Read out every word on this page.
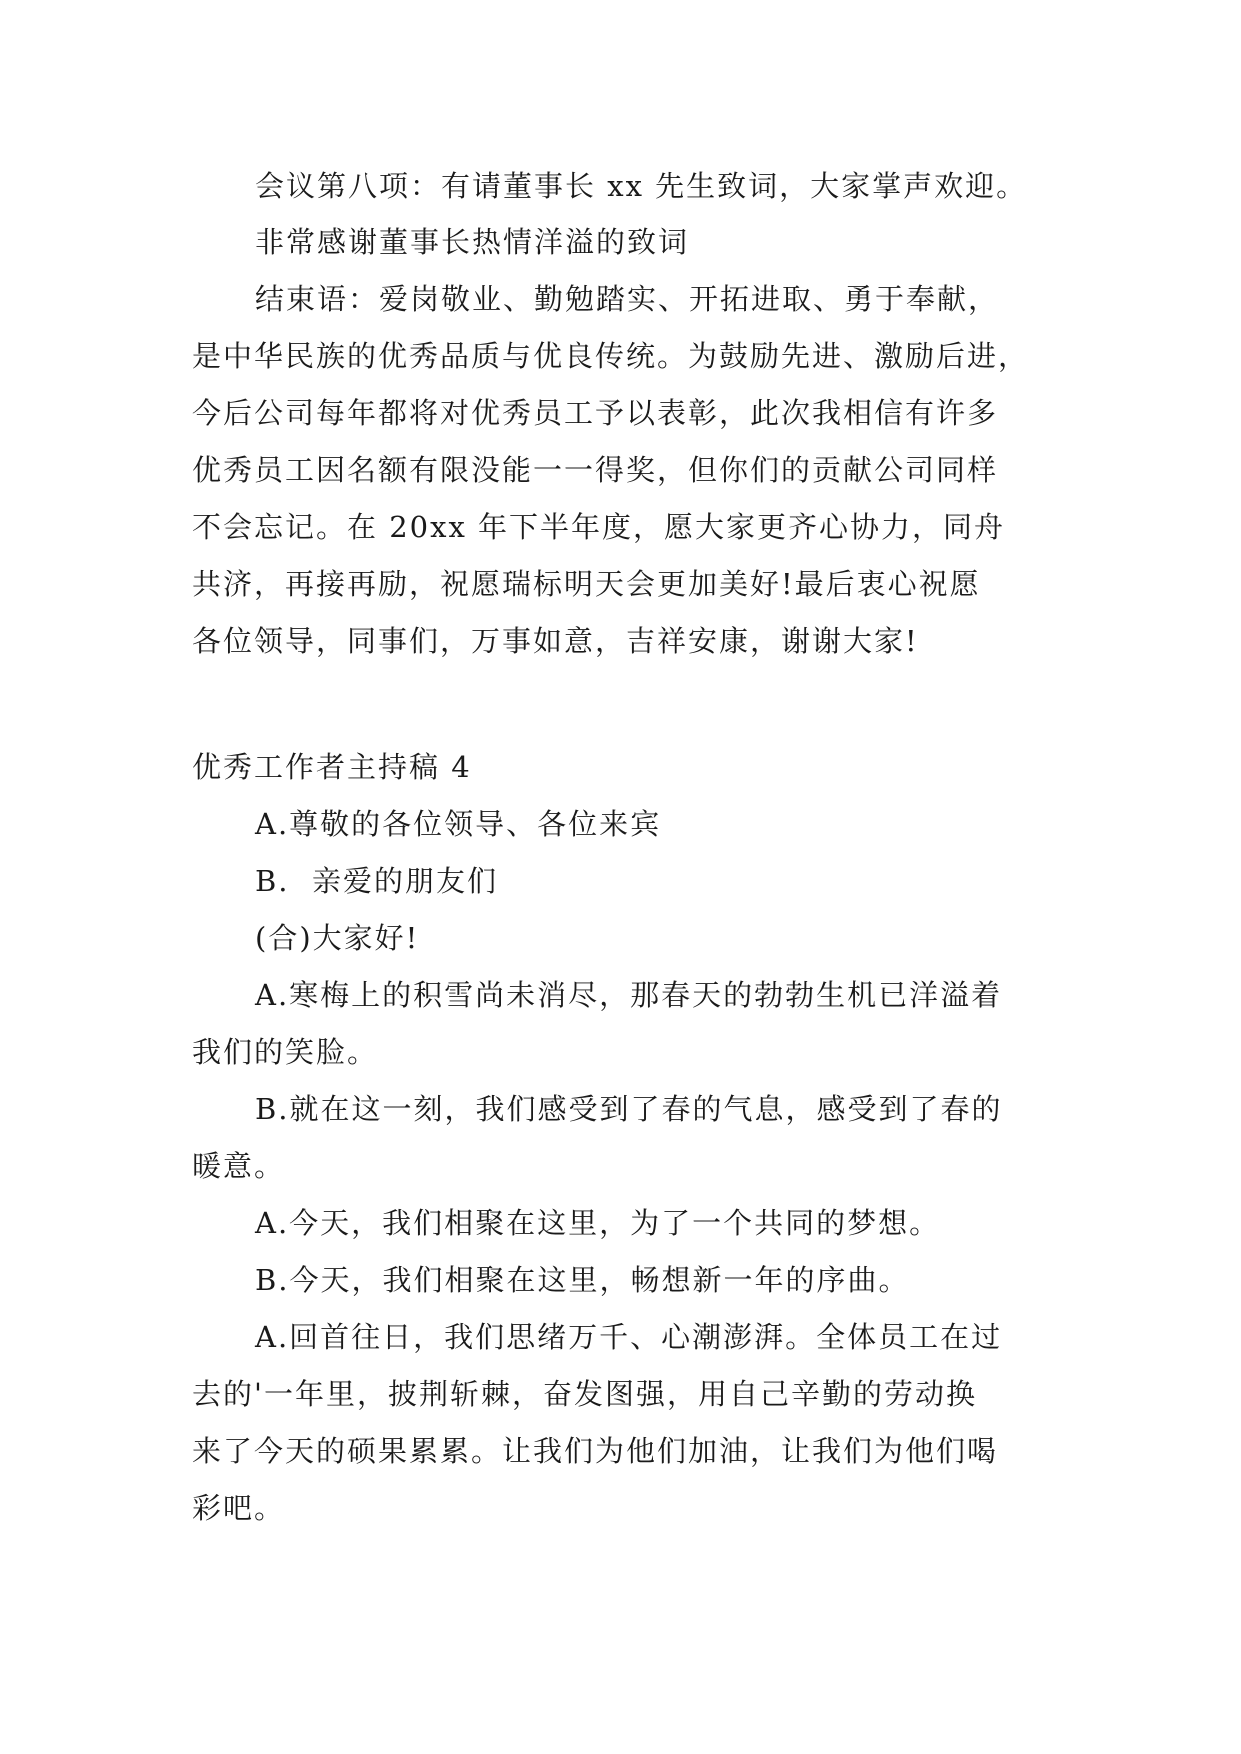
会议第八项：有请董事长 xx 先生致词，大家掌声欢迎。
非常感谢董事长热情洋溢的致词
结束语：爱岗敬业、勤勉踏实、开拓进取、勇于奉献，
是中华民族的优秀品质与优良传统。为鼓励先进、激励后进，
今后公司每年都将对优秀员工予以表彰，此次我相信有许多
优秀员工因名额有限没能一一得奖，但你们的贡献公司同样
不会忘记。在 20xx 年下半年度，愿大家更齐心协力，同舟
共济，再接再励，祝愿瑞标明天会更加美好!最后衷心祝愿
各位领导，同事们，万事如意，吉祥安康，谢谢大家!
优秀工作者主持稿 4
A.尊敬的各位领导、各位来宾
B.  亲爱的朋友们
(合)大家好!
A.寒梅上的积雪尚未消尽，那春天的勃勃生机已洋溢着
我们的笑脸。
B.就在这一刻，我们感受到了春的气息，感受到了春的
暖意。
A.今天，我们相聚在这里，为了一个共同的梦想。
B.今天，我们相聚在这里，畅想新一年的序曲。
A.回首往日，我们思绪万千、心潮澎湃。全体员工在过
去的'一年里，披荆斩棘，奋发图强，用自己辛勤的劳动换
来了今天的硕果累累。让我们为他们加油，让我们为他们喝
彩吧。
